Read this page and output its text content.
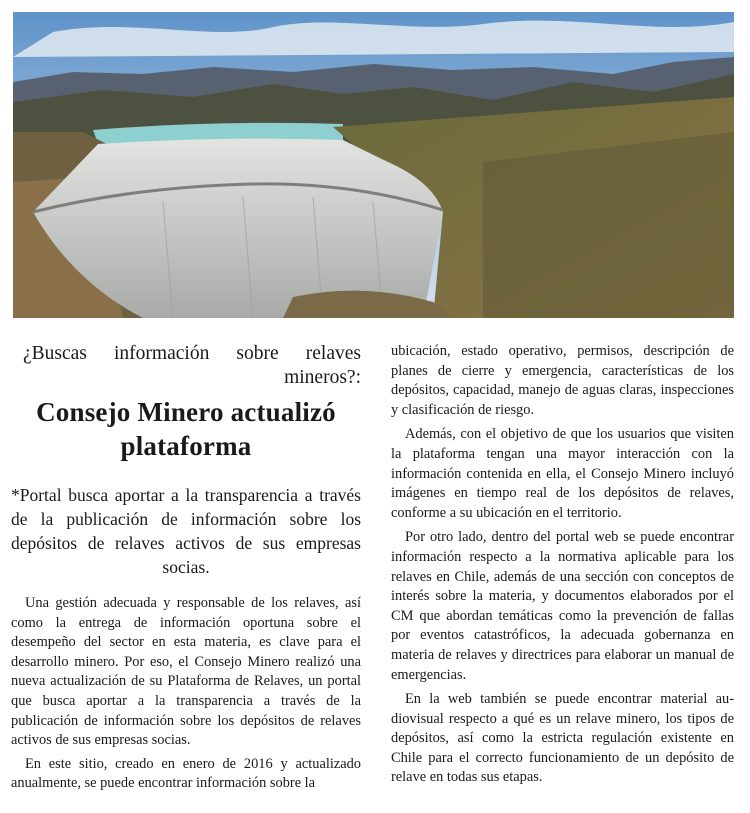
¿Buscas información sobre relaves mineros?:
Consejo Minero actualizó plataforma
*Portal busca aportar a la transparencia a través de la publicación de información sobre los depósitos de relaves activos de sus empresas socias.

Una gestión adecuada y responsable de los relaves, así como la entrega de información oportuna sobre el desempeño del sector en esta materia, es clave para el desarrollo minero. Por eso, el Consejo Minero realizó una nueva actualización de su Plataforma de Relaves, un portal que busca aportar a la transparencia a través de la publicación de información sobre los depósitos de relaves activos de sus empresas socias.

En este sitio, creado en enero de 2016 y actualizado anualmente, se puede encontrar información sobre la

ubicación, estado operativo, permisos, descripción de planes de cierre y emergencia, características de los depósitos, capacidad, manejo de aguas claras, inspecciones y clasificación de riesgo.

Además, con el objetivo de que los usuarios que visiten la plataforma tengan una mayor interacción con la información contenida en ella, el Consejo Minero incluyó imágenes en tiempo real de los depósitos de relaves, conforme a su ubicación en el territorio.

Por otro lado, dentro del portal web se puede encontrar información respecto a la normativa aplicable para los relaves en Chile, además de una sección con conceptos de interés sobre la materia, y documentos elaborados por el CM que abordan temáticas como la prevención de fallas por eventos catastróficos, la adecuada gobernanza en materia de relaves y directrices para elaborar un manual de emergencias.

En la web también se puede encontrar material audiovisual respecto a qué es un relave minero, los tipos de depósitos, así como la estricta regulación existente en Chile para el correcto funcionamiento de un depósito de relave en todas sus etapas.
